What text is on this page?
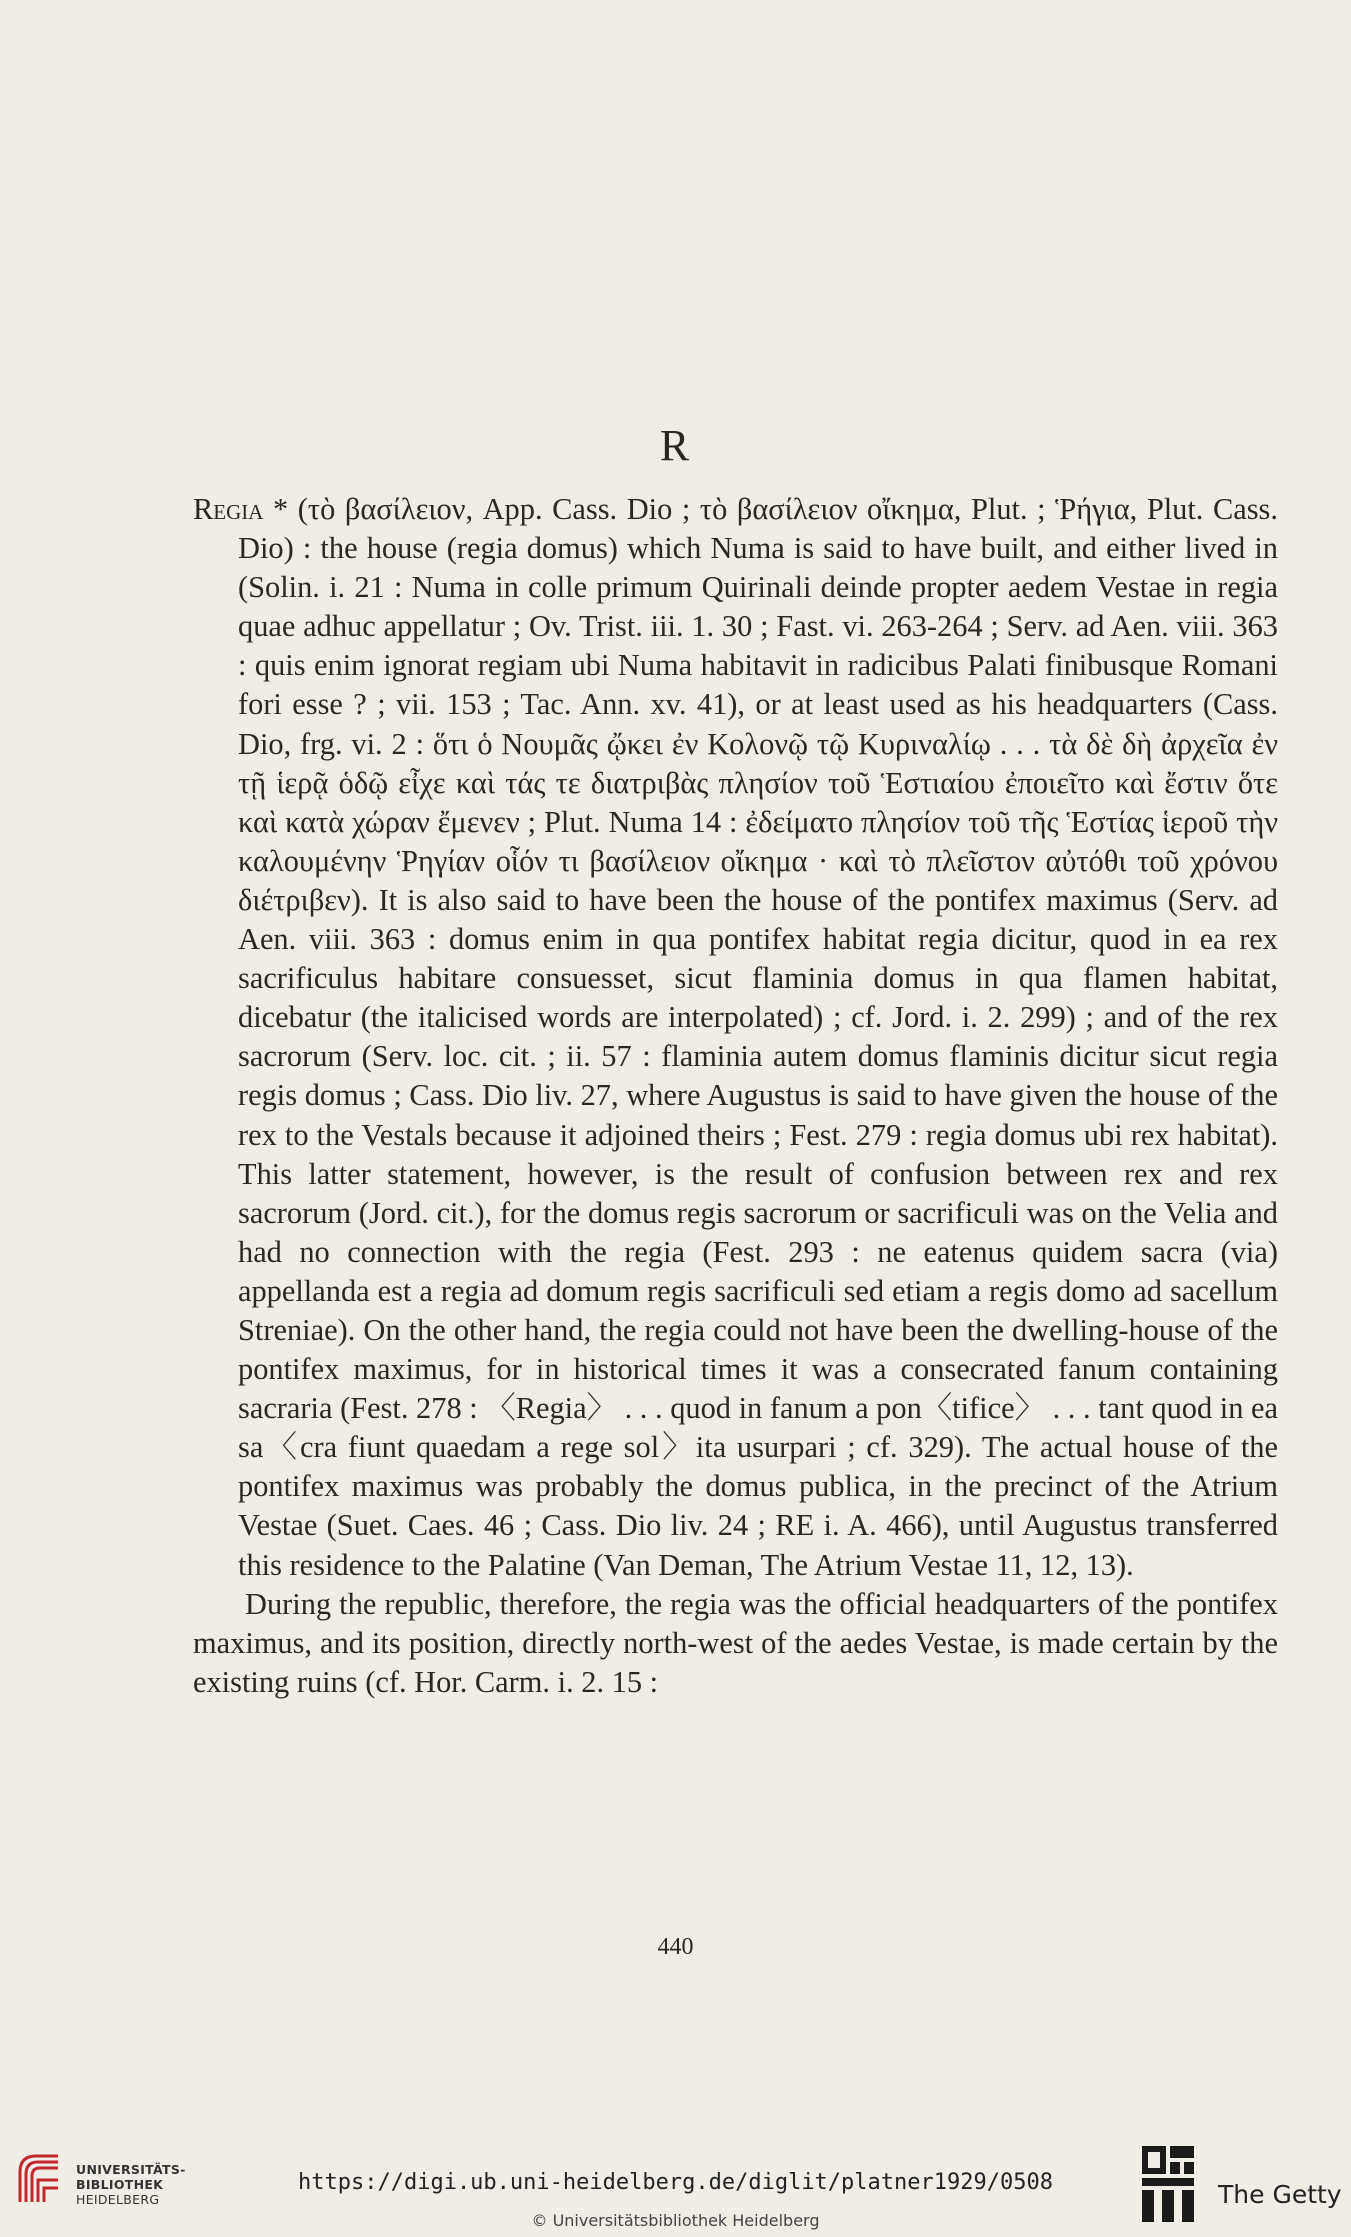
R

Regia * (τὸ βασίλειον, App. Cass. Dio ; τὸ βασίλειον οἴκημα, Plut. ; Ῥήγια, Plut. Cass. Dio) : the house (regia domus) which Numa is said to have built, and either lived in (Solin. i. 21 : Numa in colle primum Quirinali deinde propter aedem Vestae in regia quae adhuc appellatur ; Ov. Trist. iii. 1. 30 ; Fast. vi. 263-264 ; Serv. ad Aen. viii. 363 : quis enim ignorat regiam ubi Numa habitavit in radicibus Palati finibusque Romani fori esse ? ; vii. 153 ; Tac. Ann. xv. 41), or at least used as his headquarters (Cass. Dio, frg. vi. 2 : ὅτι ὁ Νουμᾶς ᾤκει ἐν Κολονῷ τῷ Κυριναλίῳ . . . τὰ δὲ δὴ ἀρχεῖα ἐν τῇ ἱερᾷ ὁδῷ εἶχε καὶ τάς τε διατριβὰς πλησίον τοῦ Ἑστιαίου ἐποιεῖτο καὶ ἔστιν ὅτε καὶ κατὰ χώραν ἔμενεν ; Plut. Numa 14 : ἐδείματο πλησίον τοῦ τῆς Ἑστίας ἱεροῦ τὴν καλουμένην Ῥηγίαν οἷόν τι βασίλειον οἴκημα · καὶ τὸ πλεῖστον αὐτόθι τοῦ χρόνου διέτριβεν). It is also said to have been the house of the pontifex maximus (Serv. ad Aen. viii. 363 : domus enim in qua pontifex habitat regia dicitur, quod in ea rex sacrificulus habitare consuesset, sicut flaminia domus in qua flamen habitat, dicebatur (the italicised words are interpolated) ; cf. Jord. i. 2. 299) ; and of the rex sacrorum (Serv. loc. cit. ; ii. 57 : flaminia autem domus flaminis dicitur sicut regia regis domus ; Cass. Dio liv. 27, where Augustus is said to have given the house of the rex to the Vestals because it adjoined theirs ; Fest. 279 : regia domus ubi rex habitat). This latter statement, however, is the result of confusion between rex and rex sacrorum (Jord. cit.), for the domus regis sacrorum or sacrificuli was on the Velia and had no connection with the regia (Fest. 293 : ne eatenus quidem sacra (via) appellanda est a regia ad domum regis sacrificuli sed etiam a regis domo ad sacellum Streniae). On the other hand, the regia could not have been the dwelling-house of the pontifex maximus, for in historical times it was a consecrated fanum containing sacraria (Fest. 278 : 〈Regia〉 . . . quod in fanum a pon〈tifice〉 . . . tant quod in ea sa〈cra fiunt quaedam a rege sol〉ita usurpari ; cf. 329). The actual house of the pontifex maximus was probably the domus publica, in the precinct of the Atrium Vestae (Suet. Caes. 46 ; Cass. Dio liv. 24 ; RE i. A. 466), until Augustus transferred this residence to the Palatine (Van Deman, The Atrium Vestae 11, 12, 13).

During the republic, therefore, the regia was the official headquarters of the pontifex maximus, and its position, directly north-west of the aedes Vestae, is made certain by the existing ruins (cf. Hor. Carm. i. 2. 15 :

440
UNIVERSITÄTS-
BIBLIOTHEK
HEIDELBERG
https://digi.ub.uni-heidelberg.de/diglit/platner1929/0508
© Universitätsbibliothek Heidelberg
The Getty
